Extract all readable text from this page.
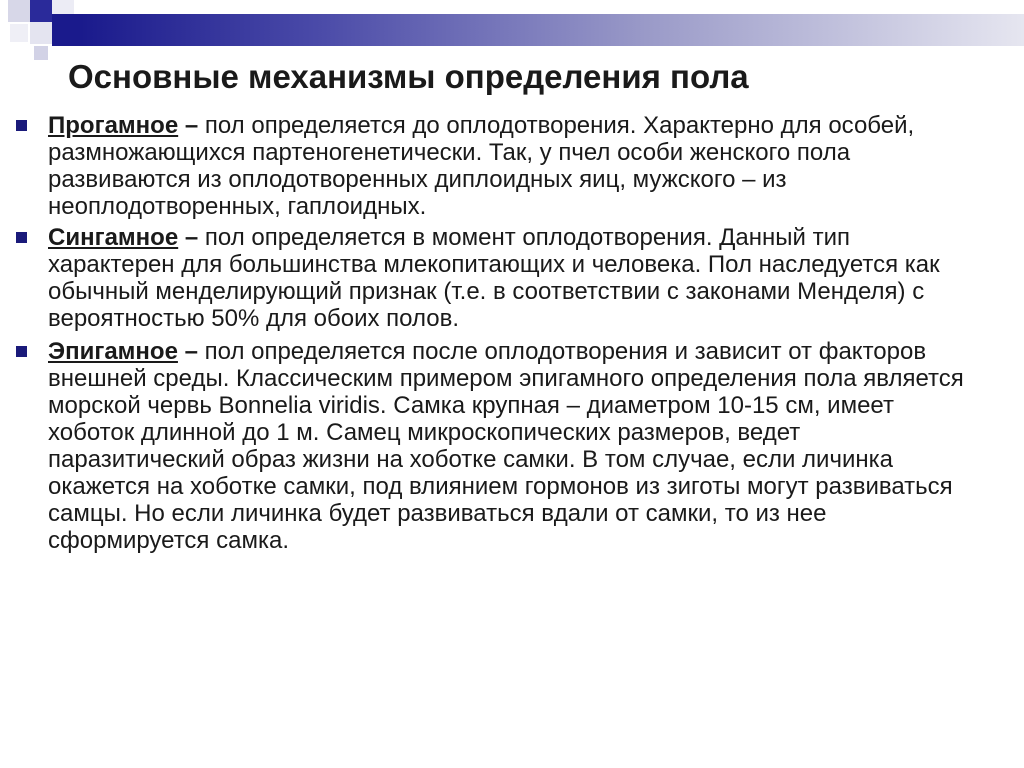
Основные механизмы определения пола

Прогамное – пол определяется до оплодотворения. Характерно для особей, размножающихся партеногенетически. Так, у пчел особи женского пола развиваются из оплодотворенных диплоидных яиц, мужского – из неоплодотворенных, гаплоидных.

Сингамное – пол определяется в момент оплодотворения. Данный тип характерен для большинства млекопитающих и человека. Пол наследуется как обычный менделирующий признак (т.е. в соответствии с законами Менделя) с вероятностью 50% для обоих полов.

Эпигамное – пол определяется после оплодотворения и зависит от факторов внешней среды. Классическим примером эпигамного определения пола является морской червь Bonnelia viridis. Самка крупная – диаметром 10-15 см, имеет хоботок длинной до 1 м. Самец микроскопических размеров, ведет паразитический образ жизни на хоботке самки. В том случае, если личинка окажется на хоботке самки, под влиянием гормонов из зиготы могут развиваться самцы. Но если личинка будет развиваться вдали от самки, то из нее сформируется самка.
